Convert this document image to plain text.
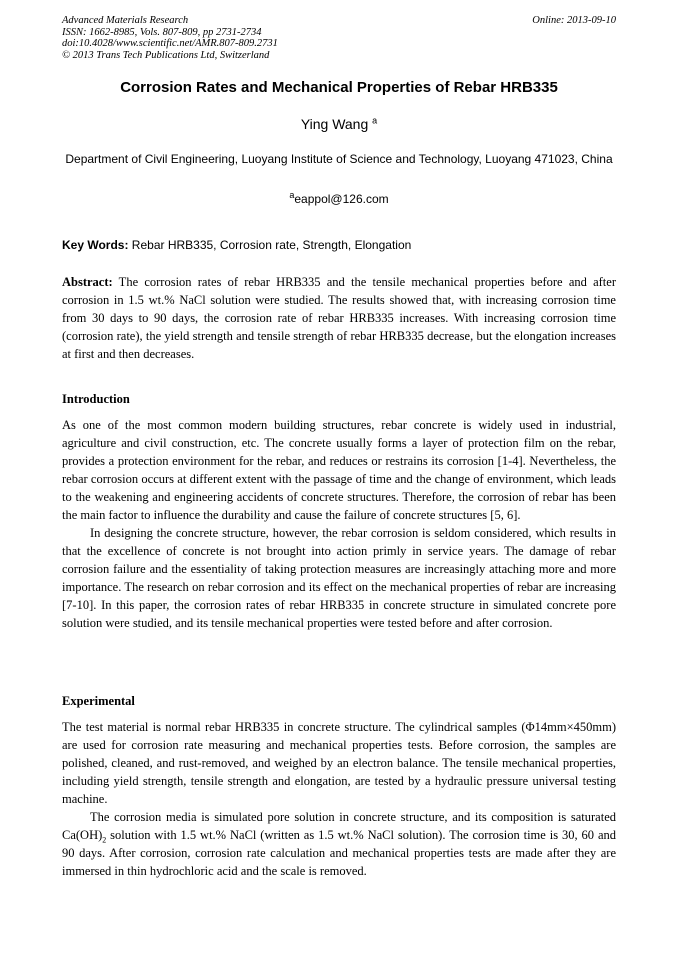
Advanced Materials Research
ISSN: 1662-8985, Vols. 807-809, pp 2731-2734
doi:10.4028/www.scientific.net/AMR.807-809.2731
© 2013 Trans Tech Publications Ltd, Switzerland
Online: 2013-09-10
Corrosion Rates and Mechanical Properties of Rebar HRB335
Ying Wang $^a$
Department of Civil Engineering, Luoyang Institute of Science and Technology, Luoyang 471023, China
$^a$eappol@126.com
Key Words: Rebar HRB335, Corrosion rate, Strength, Elongation
Abstract: The corrosion rates of rebar HRB335 and the tensile mechanical properties before and after corrosion in 1.5 wt.% NaCl solution were studied. The results showed that, with increasing corrosion time from 30 days to 90 days, the corrosion rate of rebar HRB335 increases. With increasing corrosion time (corrosion rate), the yield strength and tensile strength of rebar HRB335 decrease, but the elongation increases at first and then decreases.
Introduction

As one of the most common modern building structures, rebar concrete is widely used in industrial, agriculture and civil construction, etc. The concrete usually forms a layer of protection film on the rebar, provides a protection environment for the rebar, and reduces or restrains its corrosion [1-4]. Nevertheless, the rebar corrosion occurs at different extent with the passage of time and the change of environment, which leads to the weakening and engineering accidents of concrete structures. Therefore, the corrosion of rebar has been the main factor to influence the durability and cause the failure of concrete structures [5, 6].

In designing the concrete structure, however, the rebar corrosion is seldom considered, which results in that the excellence of concrete is not brought into action primly in service years. The damage of rebar corrosion failure and the essentiality of taking protection measures are increasingly attaching more and more importance. The research on rebar corrosion and its effect on the mechanical properties of rebar are increasing [7-10]. In this paper, the corrosion rates of rebar HRB335 in concrete structure in simulated concrete pore solution were studied, and its tensile mechanical properties were tested before and after corrosion.

Experimental

The test material is normal rebar HRB335 in concrete structure. The cylindrical samples (Φ14mm×450mm) are used for corrosion rate measuring and mechanical properties tests. Before corrosion, the samples are polished, cleaned, and rust-removed, and weighed by an electron balance. The tensile mechanical properties, including yield strength, tensile strength and elongation, are tested by a hydraulic pressure universal testing machine.

The corrosion media is simulated pore solution in concrete structure, and its composition is saturated $Ca(OH)_2$ solution with 1.5 wt.% NaCl (written as 1.5 wt.% NaCl solution). The corrosion time is 30, 60 and 90 days. After corrosion, corrosion rate calculation and mechanical properties tests are made after they are immersed in thin hydrochloric acid and the scale is removed.
